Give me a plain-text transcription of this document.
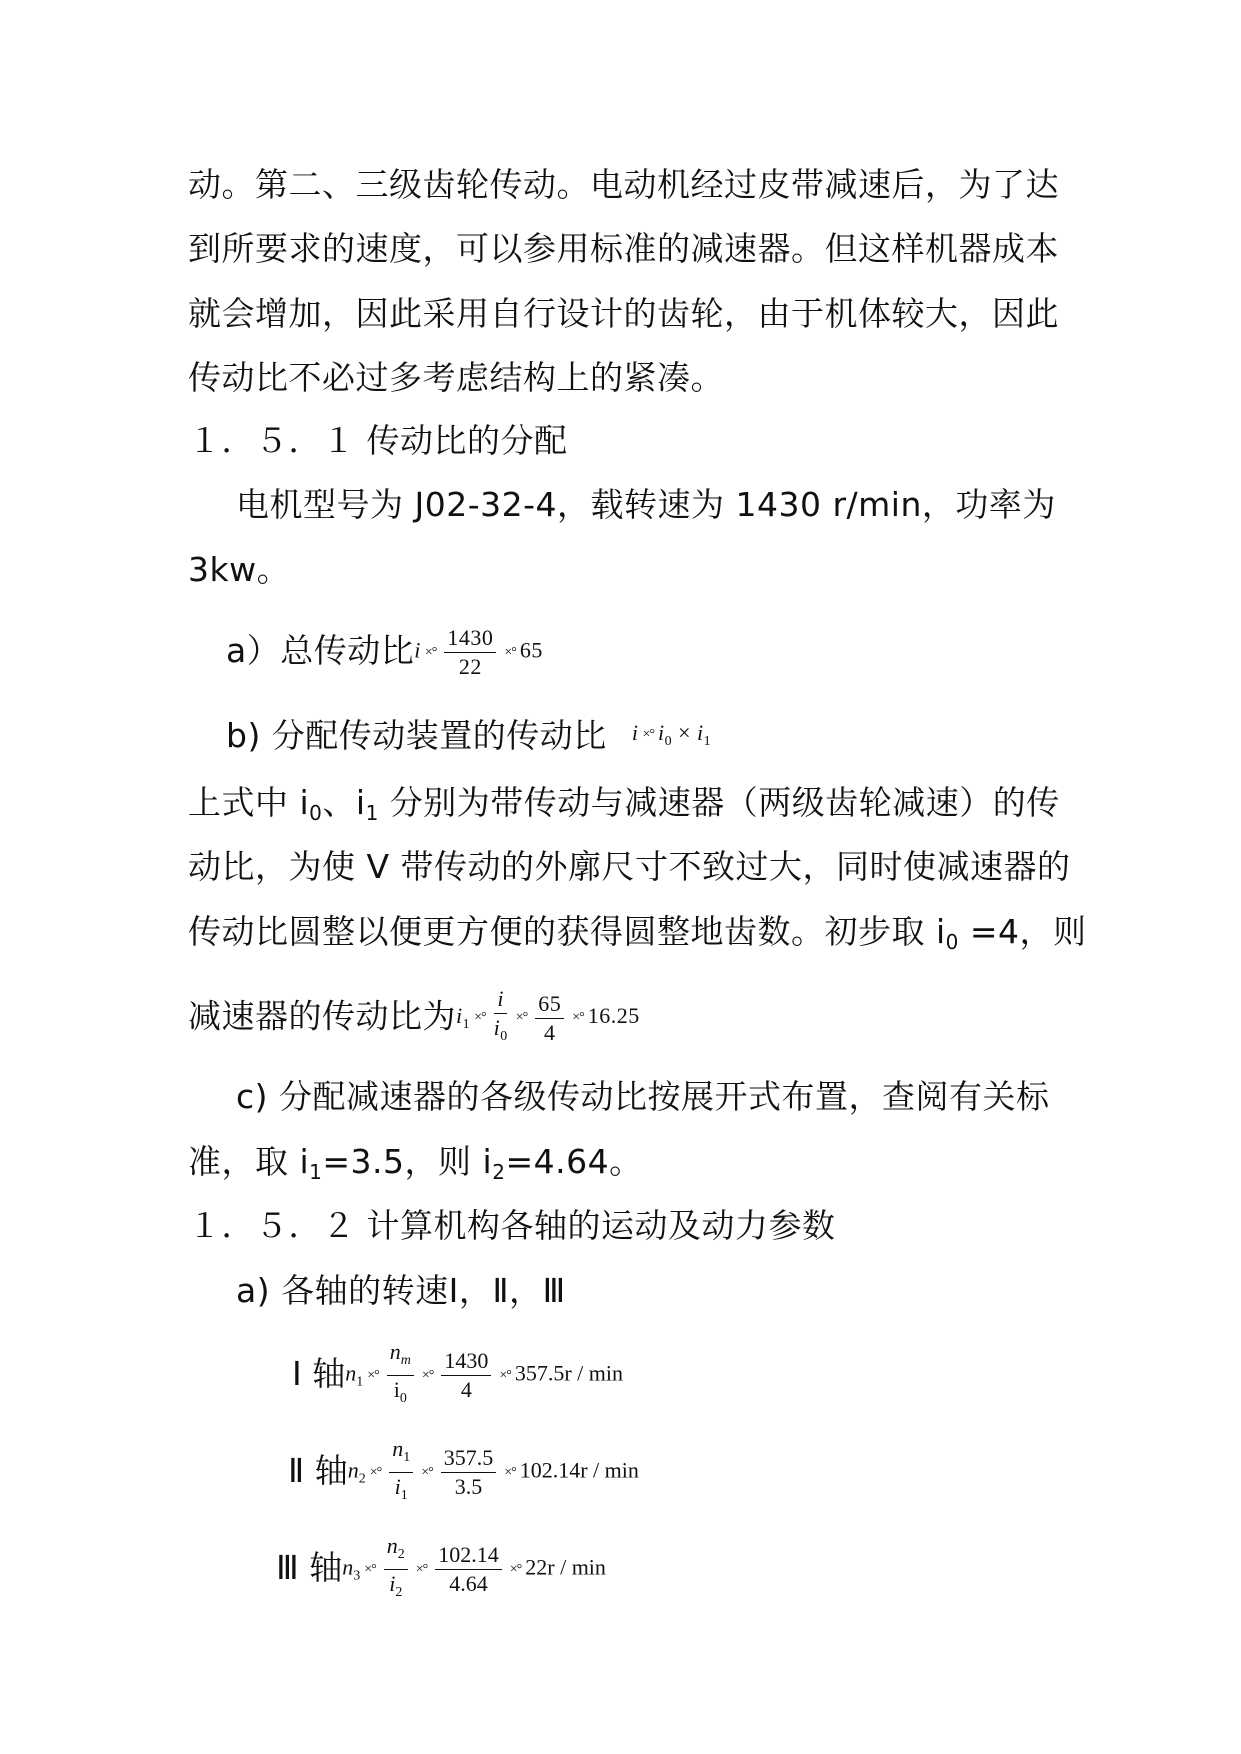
动。第二、三级齿轮传动。电动机经过皮带减速后，为了达
到所要求的速度，可以参用标准的减速器。但这样机器成本
就会增加，因此采用自行设计的齿轮，由于机体较大，因此
传动比不必过多考虑结构上的紧凑。
１．５．１ 传动比的分配
电机型号为 J02-32-4，载转速为 1430 r/min，功率为
3kw。
a）总传动比i ×° $\frac{1430}{22}$ ×° 65
b) 分配传动装置的传动比 i ×° $i_0 \times i_1$
上式中 $i_0$、$i_1$ 分别为带传动与减速器（两级齿轮减速）的传
动比，为使 V 带传动的外廓尺寸不致过大，同时使减速器的
传动比圆整以便更方便的获得圆整地齿数。初步取 $i_0 =4$，则
减速器的传动比为$i_1$ ×° $\frac{i}{i_0}$ ×° $\frac{65}{4}$ ×° 16.25
c) 分配减速器的各级传动比按展开式布置，查阅有关标
准，取 $i_1=3.5$，则 $i_2=4.64$。
１．５．２ 计算机构各轴的运动及动力参数
a) 各轴的转速Ⅰ，Ⅱ，Ⅲ
Ⅰ 轴$n_1$ ×° $\frac{n_m}{i_0}$ ×° $\frac{1430}{4}$ ×° 357.5r / min
Ⅱ 轴$n_2$ ×° $\frac{n_1}{i_1}$ ×° $\frac{357.5}{3.5}$ ×° 102.14r / min
Ⅲ 轴$n_3$ ×° $\frac{n_2}{i_2}$ ×° $\frac{102.14}{4.64}$ ×° 22r / min
